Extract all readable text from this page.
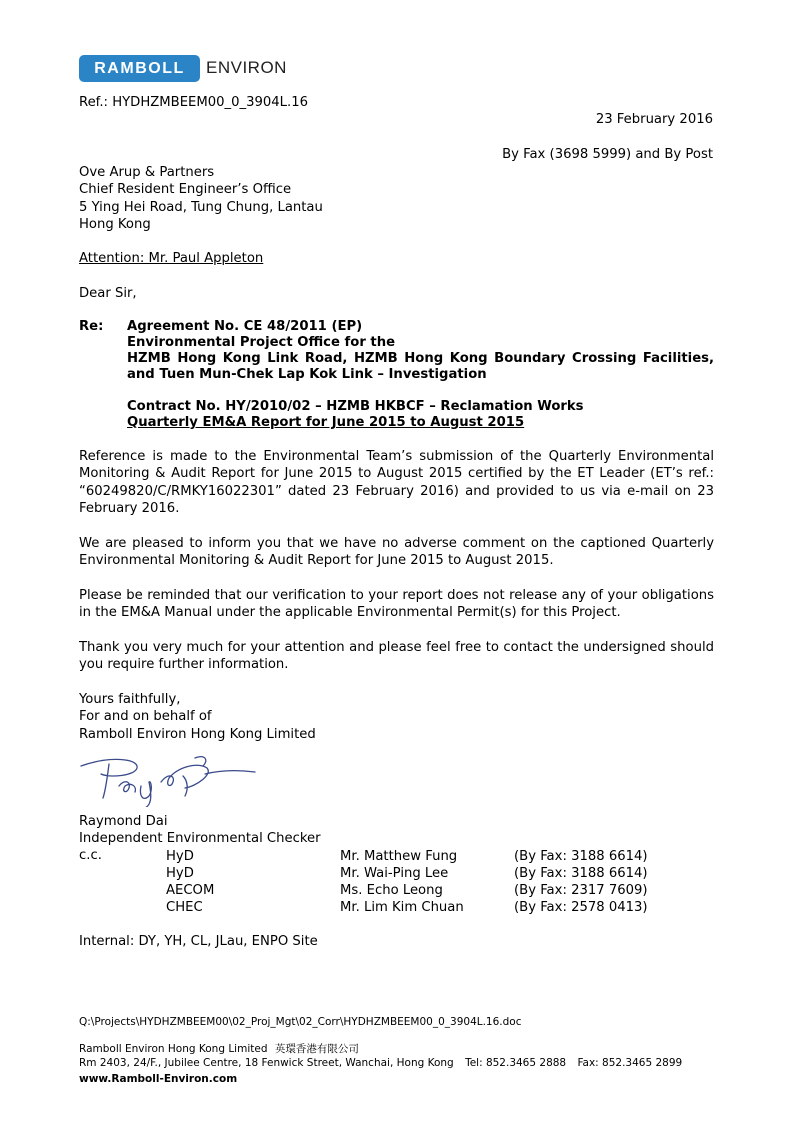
RAMBOLL ENVIRON
Ref.: HYDHZMBEEM00_0_3904L.16
23 February 2016
By Fax (3698 5999) and By Post
Ove Arup & Partners
Chief Resident Engineer’s Office
5 Ying Hei Road, Tung Chung, Lantau
Hong Kong
Attention: Mr. Paul Appleton
Dear Sir,
Re: Agreement No. CE 48/2011 (EP)
Environmental Project Office for the
HZMB Hong Kong Link Road, HZMB Hong Kong Boundary Crossing Facilities,
and Tuen Mun-Chek Lap Kok Link – Investigation
Contract No. HY/2010/02 – HZMB HKBCF – Reclamation Works
Quarterly EM&A Report for June 2015 to August 2015
Reference is made to the Environmental Team’s submission of the Quarterly Environmental Monitoring & Audit Report for June 2015 to August 2015 certified by the ET Leader (ET’s ref.: “60249820/C/RMKY16022301” dated 23 February 2016) and provided to us via e-mail on 23 February 2016.
We are pleased to inform you that we have no adverse comment on the captioned Quarterly Environmental Monitoring & Audit Report for June 2015 to August 2015.
Please be reminded that our verification to your report does not release any of your obligations in the EM&A Manual under the applicable Environmental Permit(s) for this Project.
Thank you very much for your attention and please feel free to contact the undersigned should you require further information.
Yours faithfully,
For and on behalf of
Ramboll Environ Hong Kong Limited
Raymond Dai
Independent Environmental Checker
c.c.	HyD	Mr. Matthew Fung	(By Fax: 3188 6614)
HyD	Mr. Wai-Ping Lee	(By Fax: 3188 6614)
AECOM	Ms. Echo Leong	(By Fax: 2317 7609)
CHEC	Mr. Lim Kim Chuan	(By Fax: 2578 0413)
Internal: DY, YH, CL, JLau, ENPO Site
Q:\Projects\HYDHZMBEEM00\02_Proj_Mgt\02_Corr\HYDHZMBEEM00_0_3904L.16.doc
Ramboll Environ Hong Kong Limited 英環香港有限公司
Rm 2403, 24/F., Jubilee Centre, 18 Fenwick Street, Wanchai, Hong Kong Tel: 852.3465 2888 Fax: 852.3465 2899
www.Ramboll-Environ.com
